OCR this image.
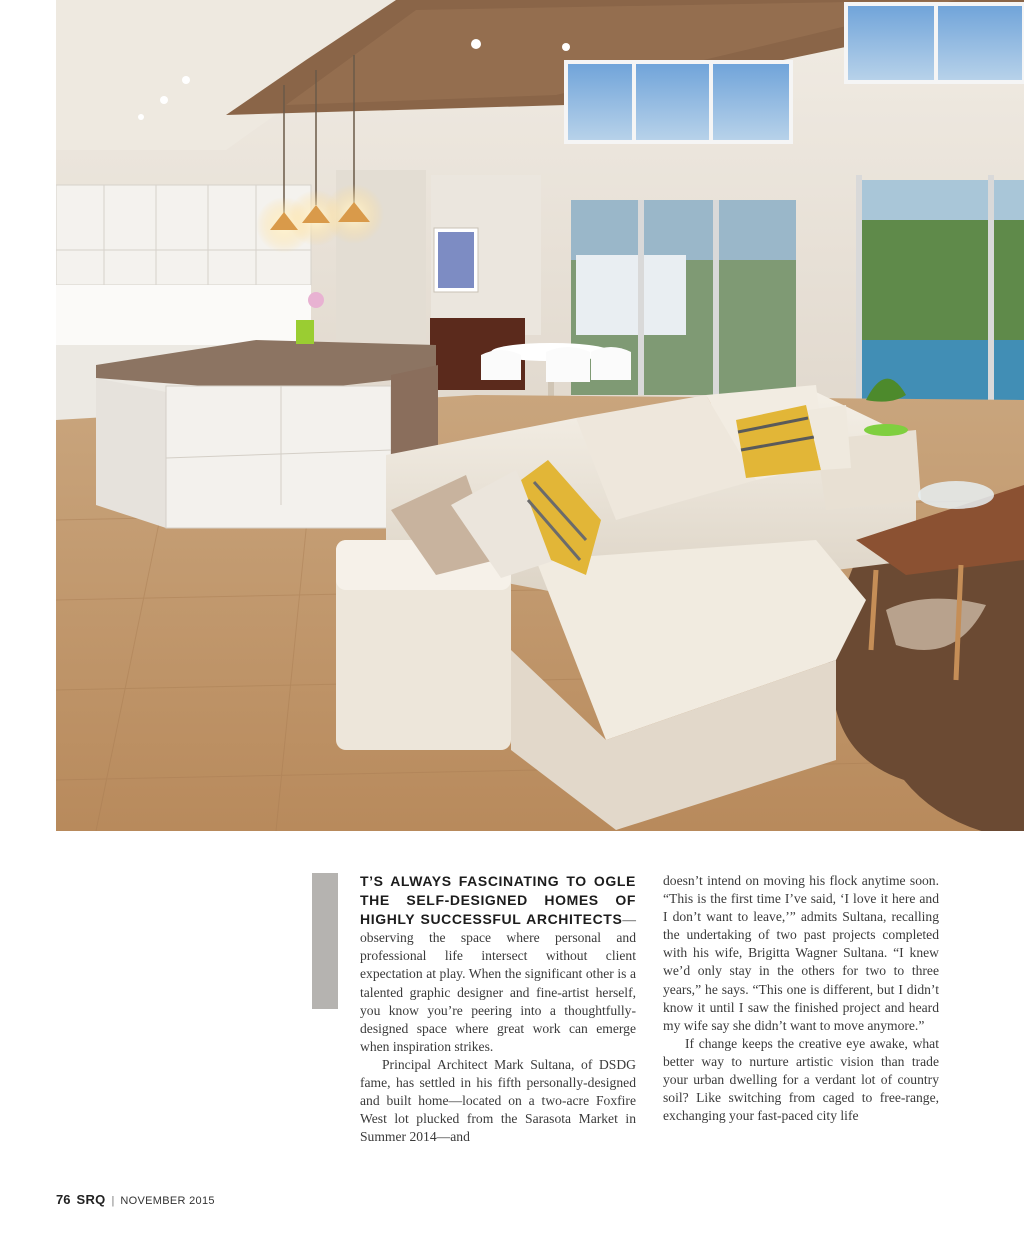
T’S ALWAYS FASCINATING TO OGLE THE SELF-DESIGNED HOMES OF HIGHLY SUCCESSFUL ARCHITECTS—observing the space where personal and professional life intersect without client expectation at play. When the significant other is a talented graphic designer and fine-artist herself, you know you’re peering into a thoughtfully-designed space where great work can emerge when inspiration strikes.

Principal Architect Mark Sultana, of DSDG fame, has settled in his fifth personally-designed and built home—located on a two-acre Foxfire West lot plucked from the Sarasota Market in Summer 2014—and

doesn’t intend on moving his flock anytime soon. “This is the first time I’ve said, ‘I love it here and I don’t want to leave,’” admits Sultana, recalling the undertaking of two past projects completed with his wife, Brigitta Wagner Sultana. “I knew we’d only stay in the others for two to three years,” he says. “This one is different, but I didn’t know it until I saw the finished project and heard my wife say she didn’t want to move anymore.”

If change keeps the creative eye awake, what better way to nurture artistic vision than trade your urban dwelling for a verdant lot of country soil? Like switching from caged to free-range, exchanging your fast-paced city life

76 SRQ | NOVEMBER 2015
